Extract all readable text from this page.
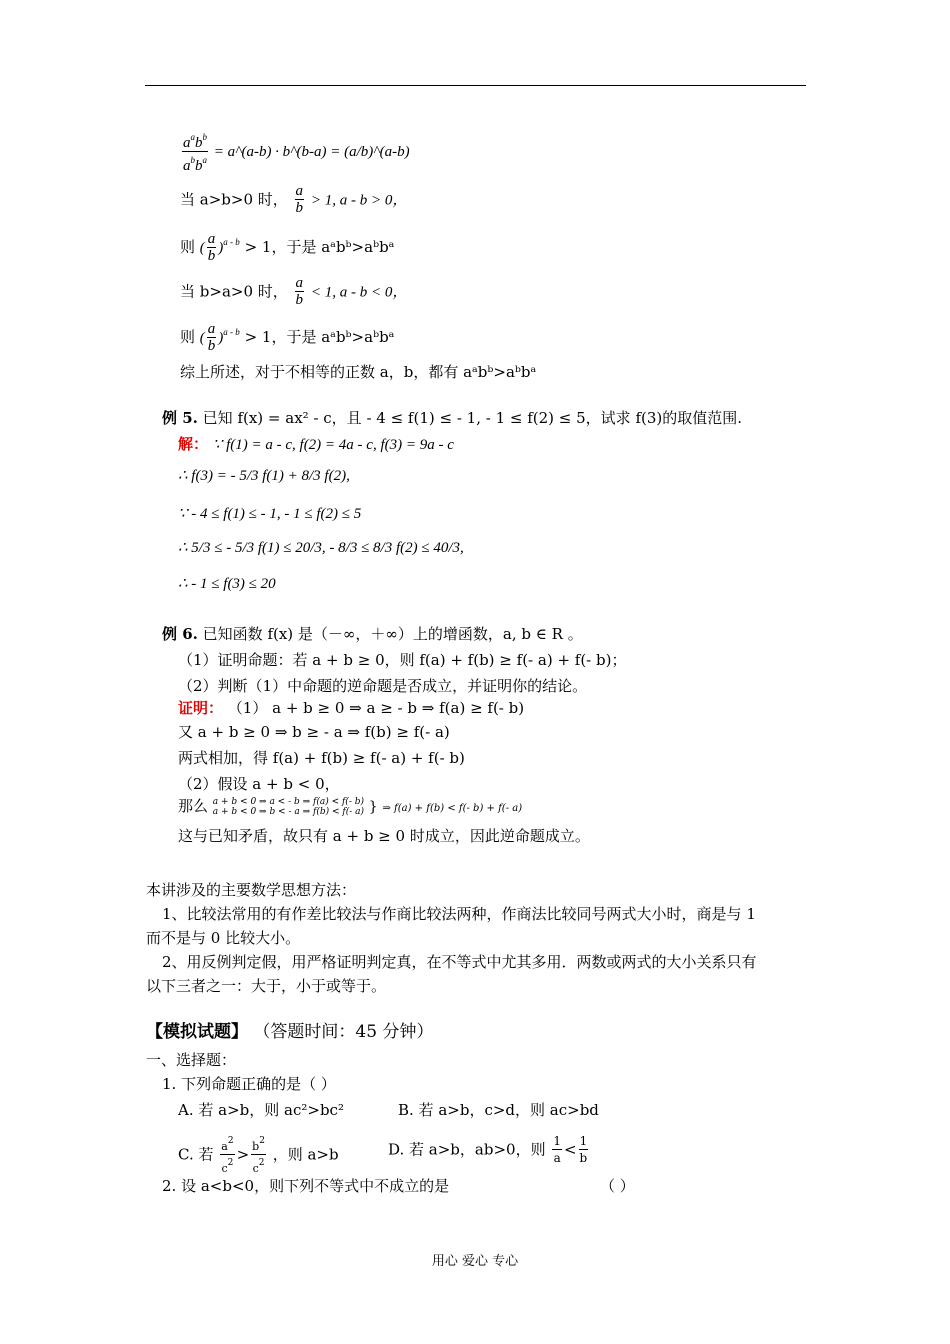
$a^ab^b$
$a^bb^a$
= a^(a-b) · b^(b-a) = (a/b)^(a-b)
当 a>b>0 时， $\frac{a}{b} > 1$, a - b > 0，
则 ( $\frac{a}{b} )^{a - b} > 1$，于是 aᵃbᵇ>aᵇbᵃ
当 b>a>0 时， $\frac{a}{b} < 1$, a - b < 0，
则 ( $\frac{a}{b} )^{a - b} > 1$，于是 aᵃbᵇ>aᵇbᵃ
综上所述，对于不相等的正数 a，b，都有 aᵃbᵇ>aᵇbᵃ
例 5. 已知 f(x) = ax² - c，且 - 4 ≤ f(1) ≤ - 1, - 1 ≤ f(2) ≤ 5，试求 f(3)的取值范围.
解： ∵ f(1) = a - c, f(2) = 4a - c, f(3) = 9a - c
∴ f(3) = - 5/3 f(1) + 8/3 f(2),
∵ - 4 ≤ f(1) ≤ - 1, - 1 ≤ f(2) ≤ 5
∴ 5/3 ≤ - 5/3 f(1) ≤ 20/3, - 8/3 ≤ 8/3 f(2) ≤ 40/3,
∴ - 1 ≤ f(3) ≤ 20
例 6. 已知函数 f(x) 是（－∞，＋∞）上的增函数，a, b ∈ R 。
（1）证明命题：若 a + b ≥ 0，则 f(a) + f(b) ≥ f(- a) + f(- b)；
（2）判断（1）中命题的逆命题是否成立，并证明你的结论。
证明： （1） a + b ≥ 0 ⇒ a ≥ - b ⇒ f(a) ≥ f(- b)
又 a + b ≥ 0 ⇒ b ≥ - a ⇒ f(b) ≥ f(- a)
两式相加，得 f(a) + f(b) ≥ f(- a) + f(- b)
（2）假设 a + b < 0，
那么 a + b < 0 ⇒ a < - b ⇒ f(a) < f(- b)
a + b < 0 ⇒ b < - a ⇒ f(b) < f(- a) } ⇒ f(a) + f(b) < f(- b) + f(- a)
这与已知矛盾，故只有 a + b ≥ 0 时成立，因此逆命题成立。
本讲涉及的主要数学思想方法：
1、比较法常用的有作差比较法与作商比较法两种，作商法比较同号两式大小时，商是与 1
而不是与 0 比较大小。
2、用反例判定假，用严格证明判定真，在不等式中尤其多用．两数或两式的大小关系只有
以下三者之一：大于，小于或等于。
【模拟试题】 （答题时间：45 分钟）
一、选择题：
1. 下列命题正确的是（ ）
A. 若 a>b，则 ac²>bc²	B. 若 a>b，c>d，则 ac>bd
C. 若 $\frac{a^2}{c^2} > \frac{b^2}{c^2}$ ，则 a>b	D. 若 a>b，ab>0，则 $\frac{1}{a} < \frac{1}{b}$
2. 设 a<b<0，则下列不等式中不成立的是	（ ）
用心 爱心 专心
